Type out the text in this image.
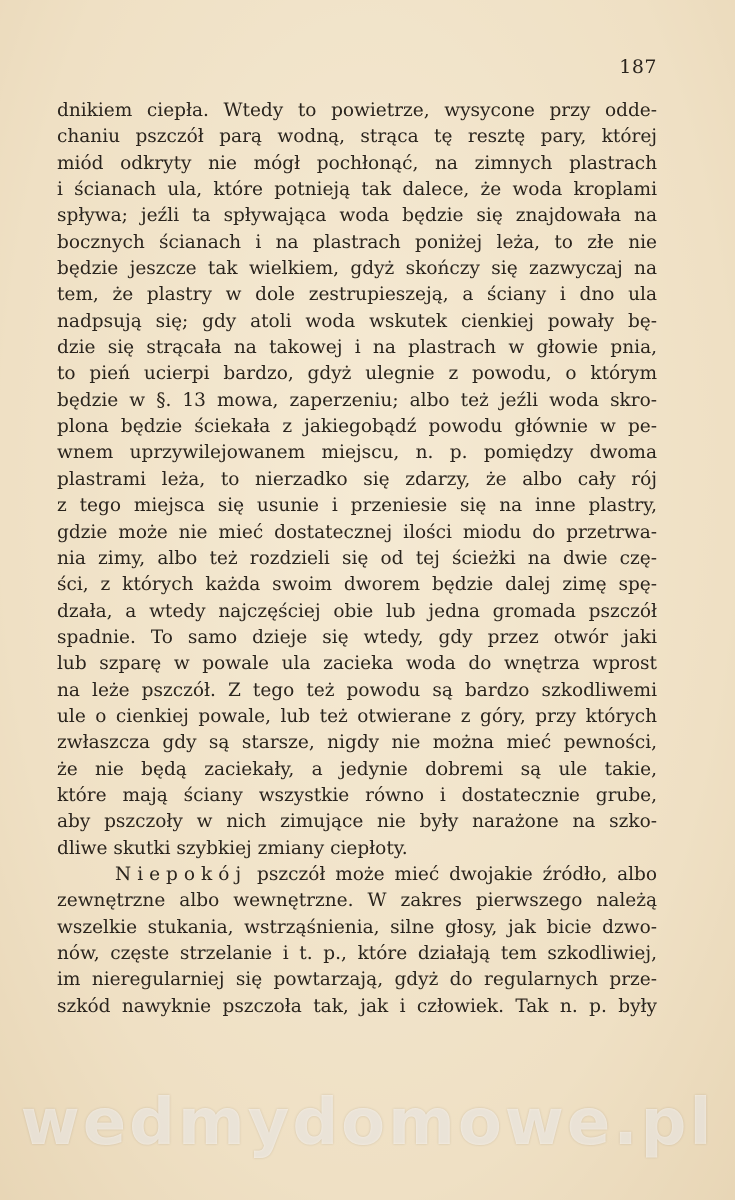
187
dnikiem ciepła. Wtedy to powietrze, wysycone przy odde-
chaniu pszczół parą wodną, strąca tę resztę pary, której
miód odkryty nie mógł pochłonąć, na zimnych plastrach
i ścianach ula, które potnieją tak dalece, że woda kroplami
spływa; jeźli ta spływająca woda będzie się znajdowała na
bocznych ścianach i na plastrach poniżej leża, to złe nie
będzie jeszcze tak wielkiem, gdyż skończy się zazwyczaj na
tem, że plastry w dole zestrupieszeją, a ściany i dno ula
nadpsują się; gdy atoli woda wskutek cienkiej powały bę-
dzie się strącała na takowej i na plastrach w głowie pnia,
to pień ucierpi bardzo, gdyż ulegnie z powodu, o którym
będzie w §. 13 mowa, zaperzeniu; albo też jeźli woda skro-
plona będzie ściekała z jakiegobądź powodu głównie w pe-
wnem uprzywilejowanem miejscu, n. p. pomiędzy dwoma
plastrami leża, to nierzadko się zdarzy, że albo cały rój
z tego miejsca się usunie i przeniesie się na inne plastry,
gdzie może nie mieć dostatecznej ilości miodu do przetrwa-
nia zimy, albo też rozdzieli się od tej ścieżki na dwie czę-
ści, z których każda swoim dworem będzie dalej zimę spę-
dzała, a wtedy najczęściej obie lub jedna gromada pszczół
spadnie. To samo dzieje się wtedy, gdy przez otwór jaki
lub szparę w powale ula zacieka woda do wnętrza wprost
na leże pszczół. Z tego też powodu są bardzo szkodliwemi
ule o cienkiej powale, lub też otwierane z góry, przy których
zwłaszcza gdy są starsze, nigdy nie można mieć pewności,
że nie będą zaciekały, a jedynie dobremi są ule takie,
które mają ściany wszystkie równo i dostatecznie grube,
aby pszczoły w nich zimujące nie były narażone na szko-
dliwe skutki szybkiej zmiany ciepłoty.
Niepokój pszczół może mieć dwojakie źródło, albo
zewnętrzne albo wewnętrzne. W zakres pierwszego należą
wszelkie stukania, wstrząśnienia, silne głosy, jak bicie dzwo-
nów, częste strzelanie i t. p., które działają tem szkodliwiej,
im nieregularniej się powtarzają, gdyż do regularnych prze-
szkód nawyknie pszczoła tak, jak i człowiek. Tak n. p. były
wedmydomowe.pl
